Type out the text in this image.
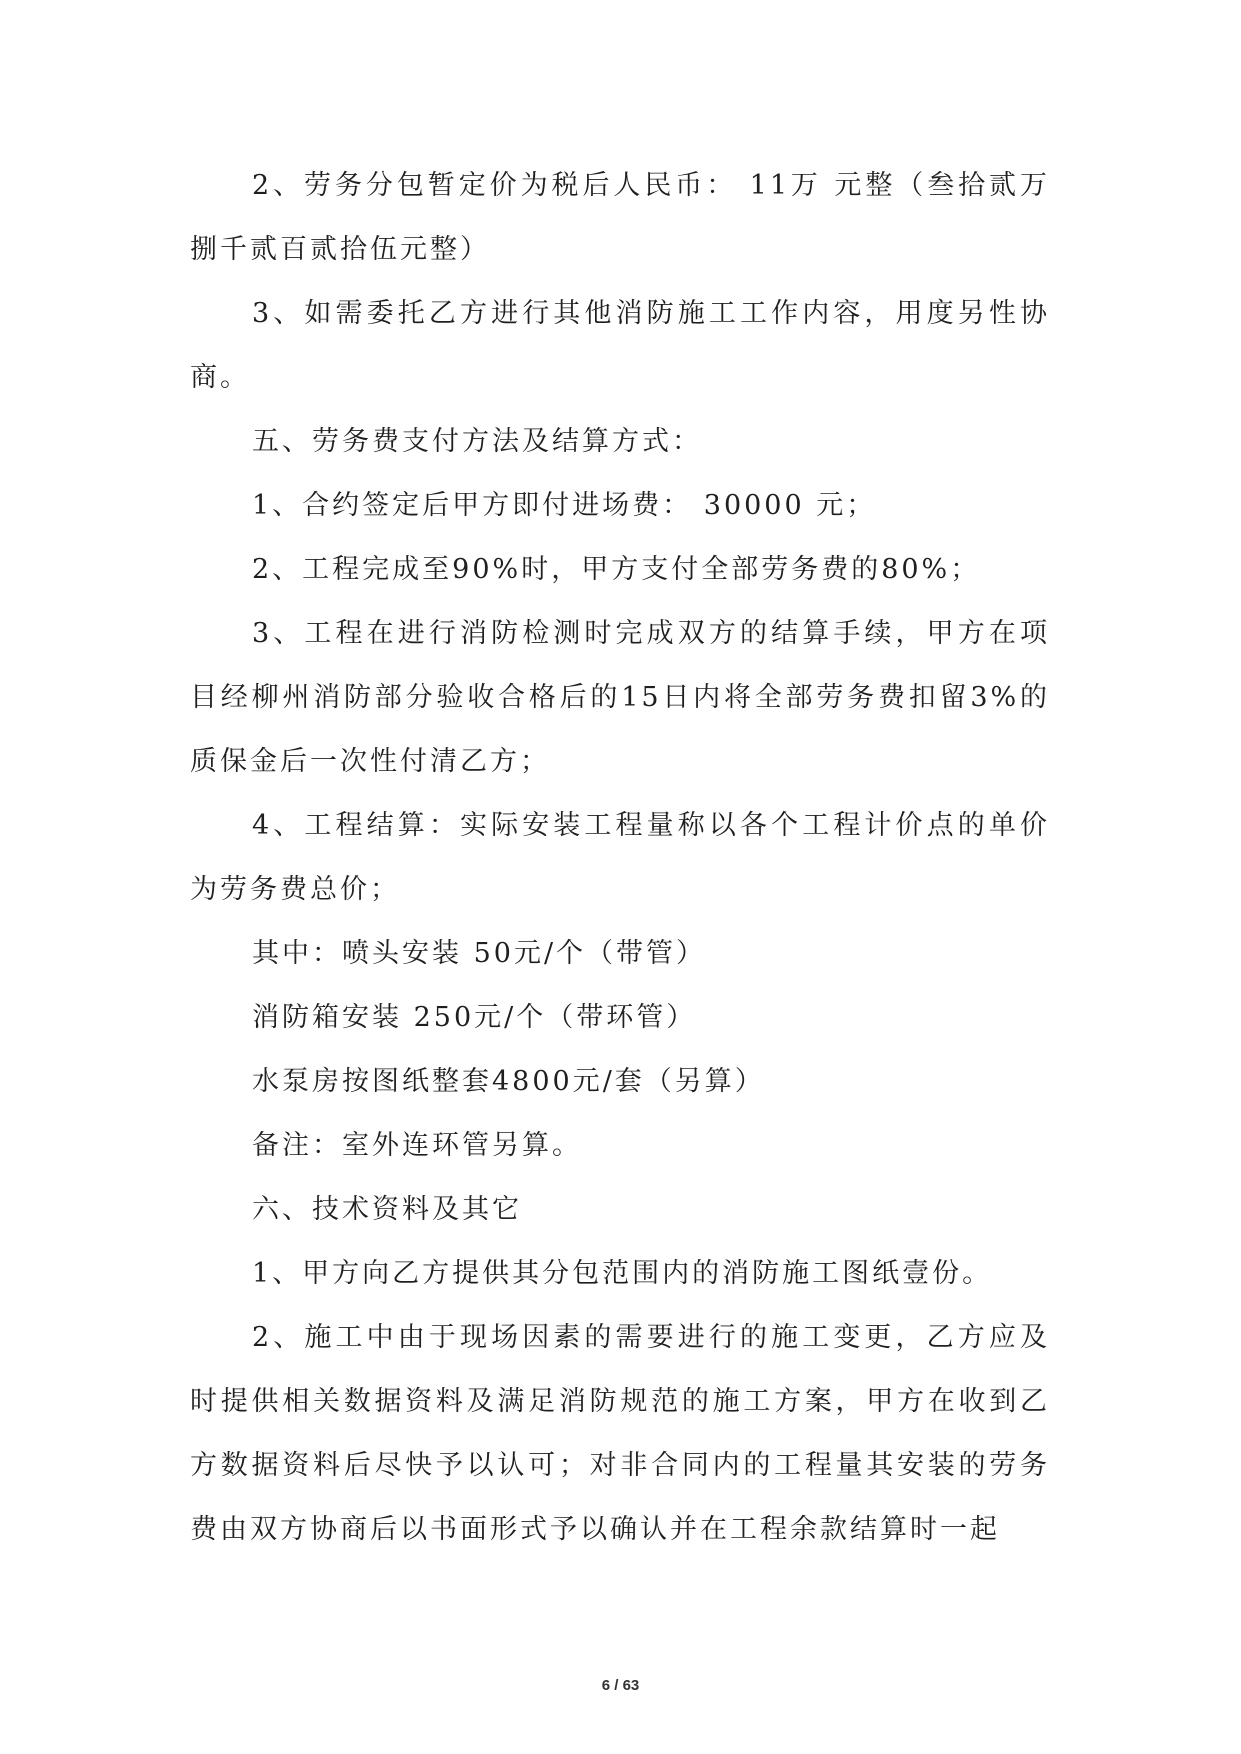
2、劳务分包暂定价为税后人民币： 11万 元整（叁拾贰万捌千贰百贰拾伍元整）

3、如需委托乙方进行其他消防施工工作内容，用度另性协商。

五、劳务费支付方法及结算方式：

1、合约签定后甲方即付进场费： 30000 元；

2、工程完成至90%时，甲方支付全部劳务费的80%；

3、工程在进行消防检测时完成双方的结算手续，甲方在项目经柳州消防部分验收合格后的15日内将全部劳务费扣留3%的质保金后一次性付清乙方；

4、工程结算：实际安装工程量称以各个工程计价点的单价为劳务费总价；

其中：喷头安装 50元/个（带管）

消防箱安装 250元/个（带环管）

水泵房按图纸整套4800元/套（另算）

备注：室外连环管另算。

六、技术资料及其它

1、甲方向乙方提供其分包范围内的消防施工图纸壹份。

2、施工中由于现场因素的需要进行的施工变更，乙方应及时提供相关数据资料及满足消防规范的施工方案，甲方在收到乙方数据资料后尽快予以认可；对非合同内的工程量其安装的劳务费由双方协商后以书面形式予以确认并在工程余款结算时一起

6 / 63
